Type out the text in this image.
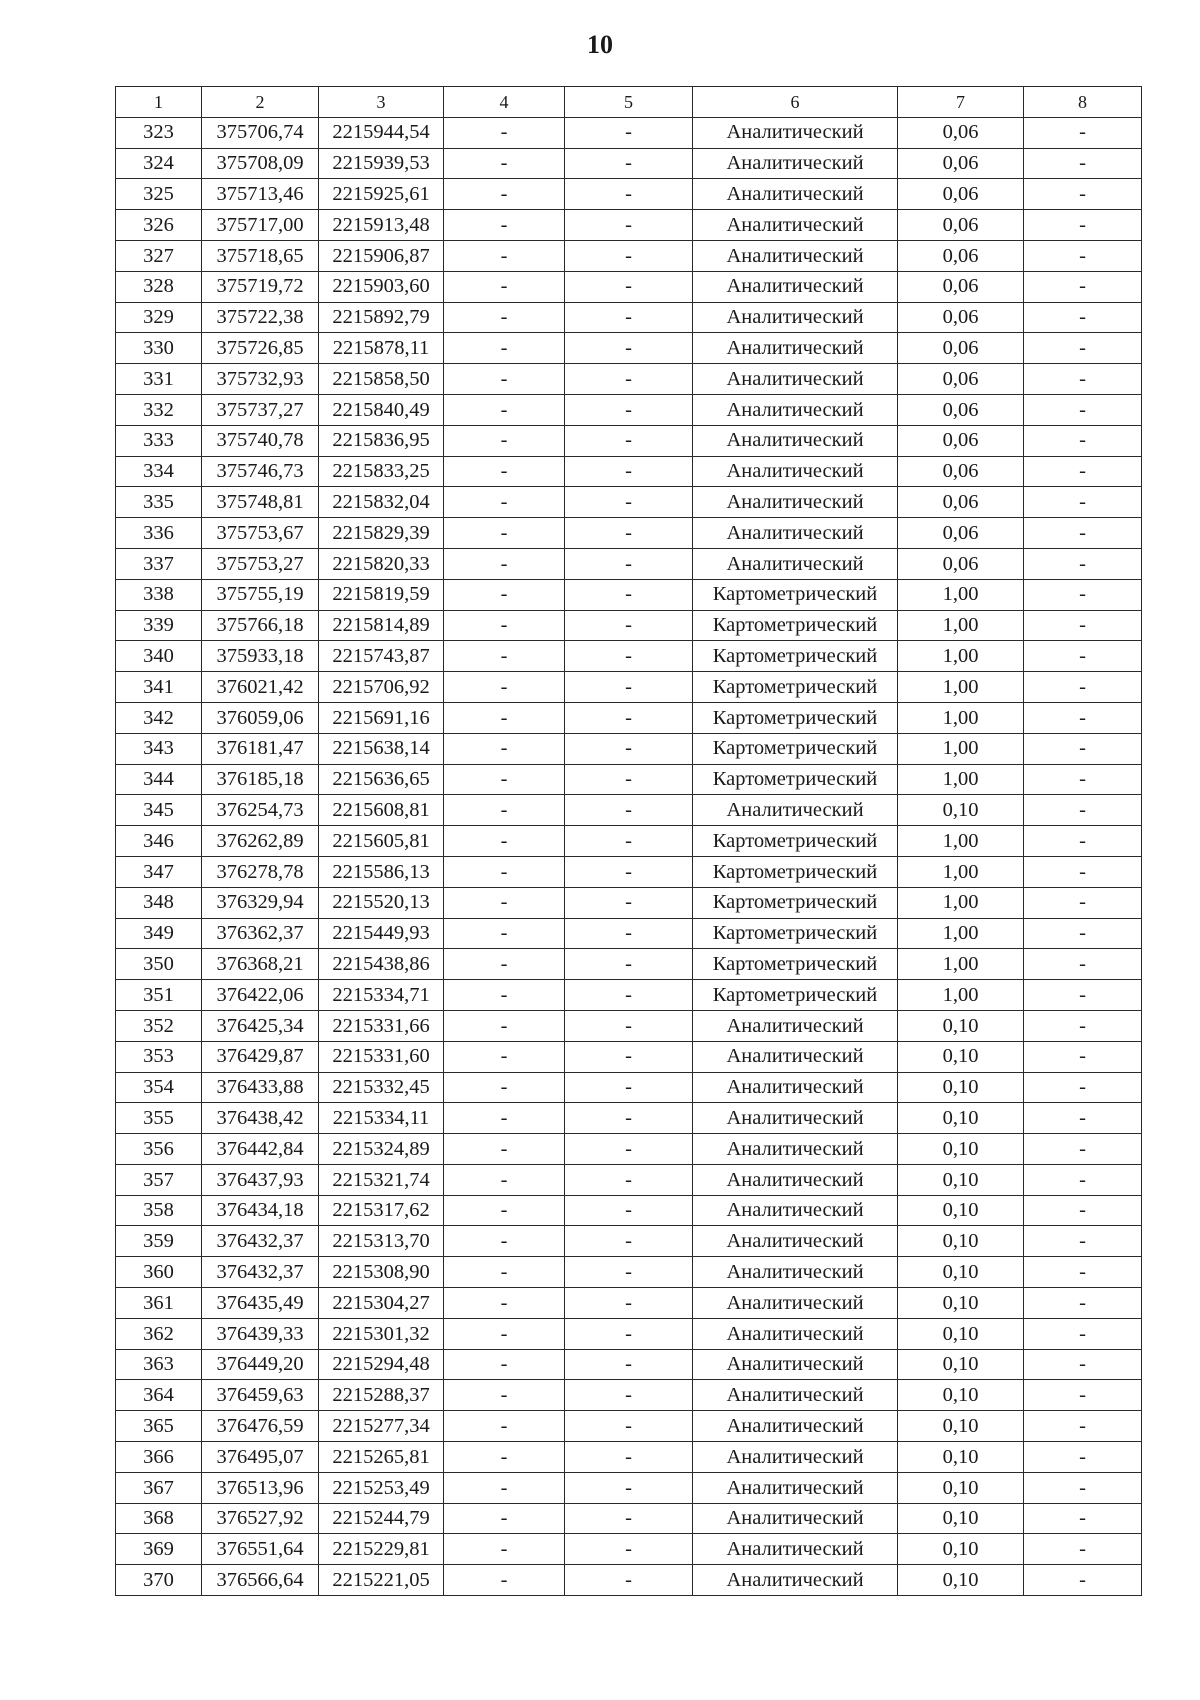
10
1	2	3	4	5	6	7	8
323	375706,74	2215944,54	-	-	Аналитический	0,06	-
324	375708,09	2215939,53	-	-	Аналитический	0,06	-
325	375713,46	2215925,61	-	-	Аналитический	0,06	-
326	375717,00	2215913,48	-	-	Аналитический	0,06	-
327	375718,65	2215906,87	-	-	Аналитический	0,06	-
328	375719,72	2215903,60	-	-	Аналитический	0,06	-
329	375722,38	2215892,79	-	-	Аналитический	0,06	-
330	375726,85	2215878,11	-	-	Аналитический	0,06	-
331	375732,93	2215858,50	-	-	Аналитический	0,06	-
332	375737,27	2215840,49	-	-	Аналитический	0,06	-
333	375740,78	2215836,95	-	-	Аналитический	0,06	-
334	375746,73	2215833,25	-	-	Аналитический	0,06	-
335	375748,81	2215832,04	-	-	Аналитический	0,06	-
336	375753,67	2215829,39	-	-	Аналитический	0,06	-
337	375753,27	2215820,33	-	-	Аналитический	0,06	-
338	375755,19	2215819,59	-	-	Картометрический	1,00	-
339	375766,18	2215814,89	-	-	Картометрический	1,00	-
340	375933,18	2215743,87	-	-	Картометрический	1,00	-
341	376021,42	2215706,92	-	-	Картометрический	1,00	-
342	376059,06	2215691,16	-	-	Картометрический	1,00	-
343	376181,47	2215638,14	-	-	Картометрический	1,00	-
344	376185,18	2215636,65	-	-	Картометрический	1,00	-
345	376254,73	2215608,81	-	-	Аналитический	0,10	-
346	376262,89	2215605,81	-	-	Картометрический	1,00	-
347	376278,78	2215586,13	-	-	Картометрический	1,00	-
348	376329,94	2215520,13	-	-	Картометрический	1,00	-
349	376362,37	2215449,93	-	-	Картометрический	1,00	-
350	376368,21	2215438,86	-	-	Картометрический	1,00	-
351	376422,06	2215334,71	-	-	Картометрический	1,00	-
352	376425,34	2215331,66	-	-	Аналитический	0,10	-
353	376429,87	2215331,60	-	-	Аналитический	0,10	-
354	376433,88	2215332,45	-	-	Аналитический	0,10	-
355	376438,42	2215334,11	-	-	Аналитический	0,10	-
356	376442,84	2215324,89	-	-	Аналитический	0,10	-
357	376437,93	2215321,74	-	-	Аналитический	0,10	-
358	376434,18	2215317,62	-	-	Аналитический	0,10	-
359	376432,37	2215313,70	-	-	Аналитический	0,10	-
360	376432,37	2215308,90	-	-	Аналитический	0,10	-
361	376435,49	2215304,27	-	-	Аналитический	0,10	-
362	376439,33	2215301,32	-	-	Аналитический	0,10	-
363	376449,20	2215294,48	-	-	Аналитический	0,10	-
364	376459,63	2215288,37	-	-	Аналитический	0,10	-
365	376476,59	2215277,34	-	-	Аналитический	0,10	-
366	376495,07	2215265,81	-	-	Аналитический	0,10	-
367	376513,96	2215253,49	-	-	Аналитический	0,10	-
368	376527,92	2215244,79	-	-	Аналитический	0,10	-
369	376551,64	2215229,81	-	-	Аналитический	0,10	-
370	376566,64	2215221,05	-	-	Аналитический	0,10	-
